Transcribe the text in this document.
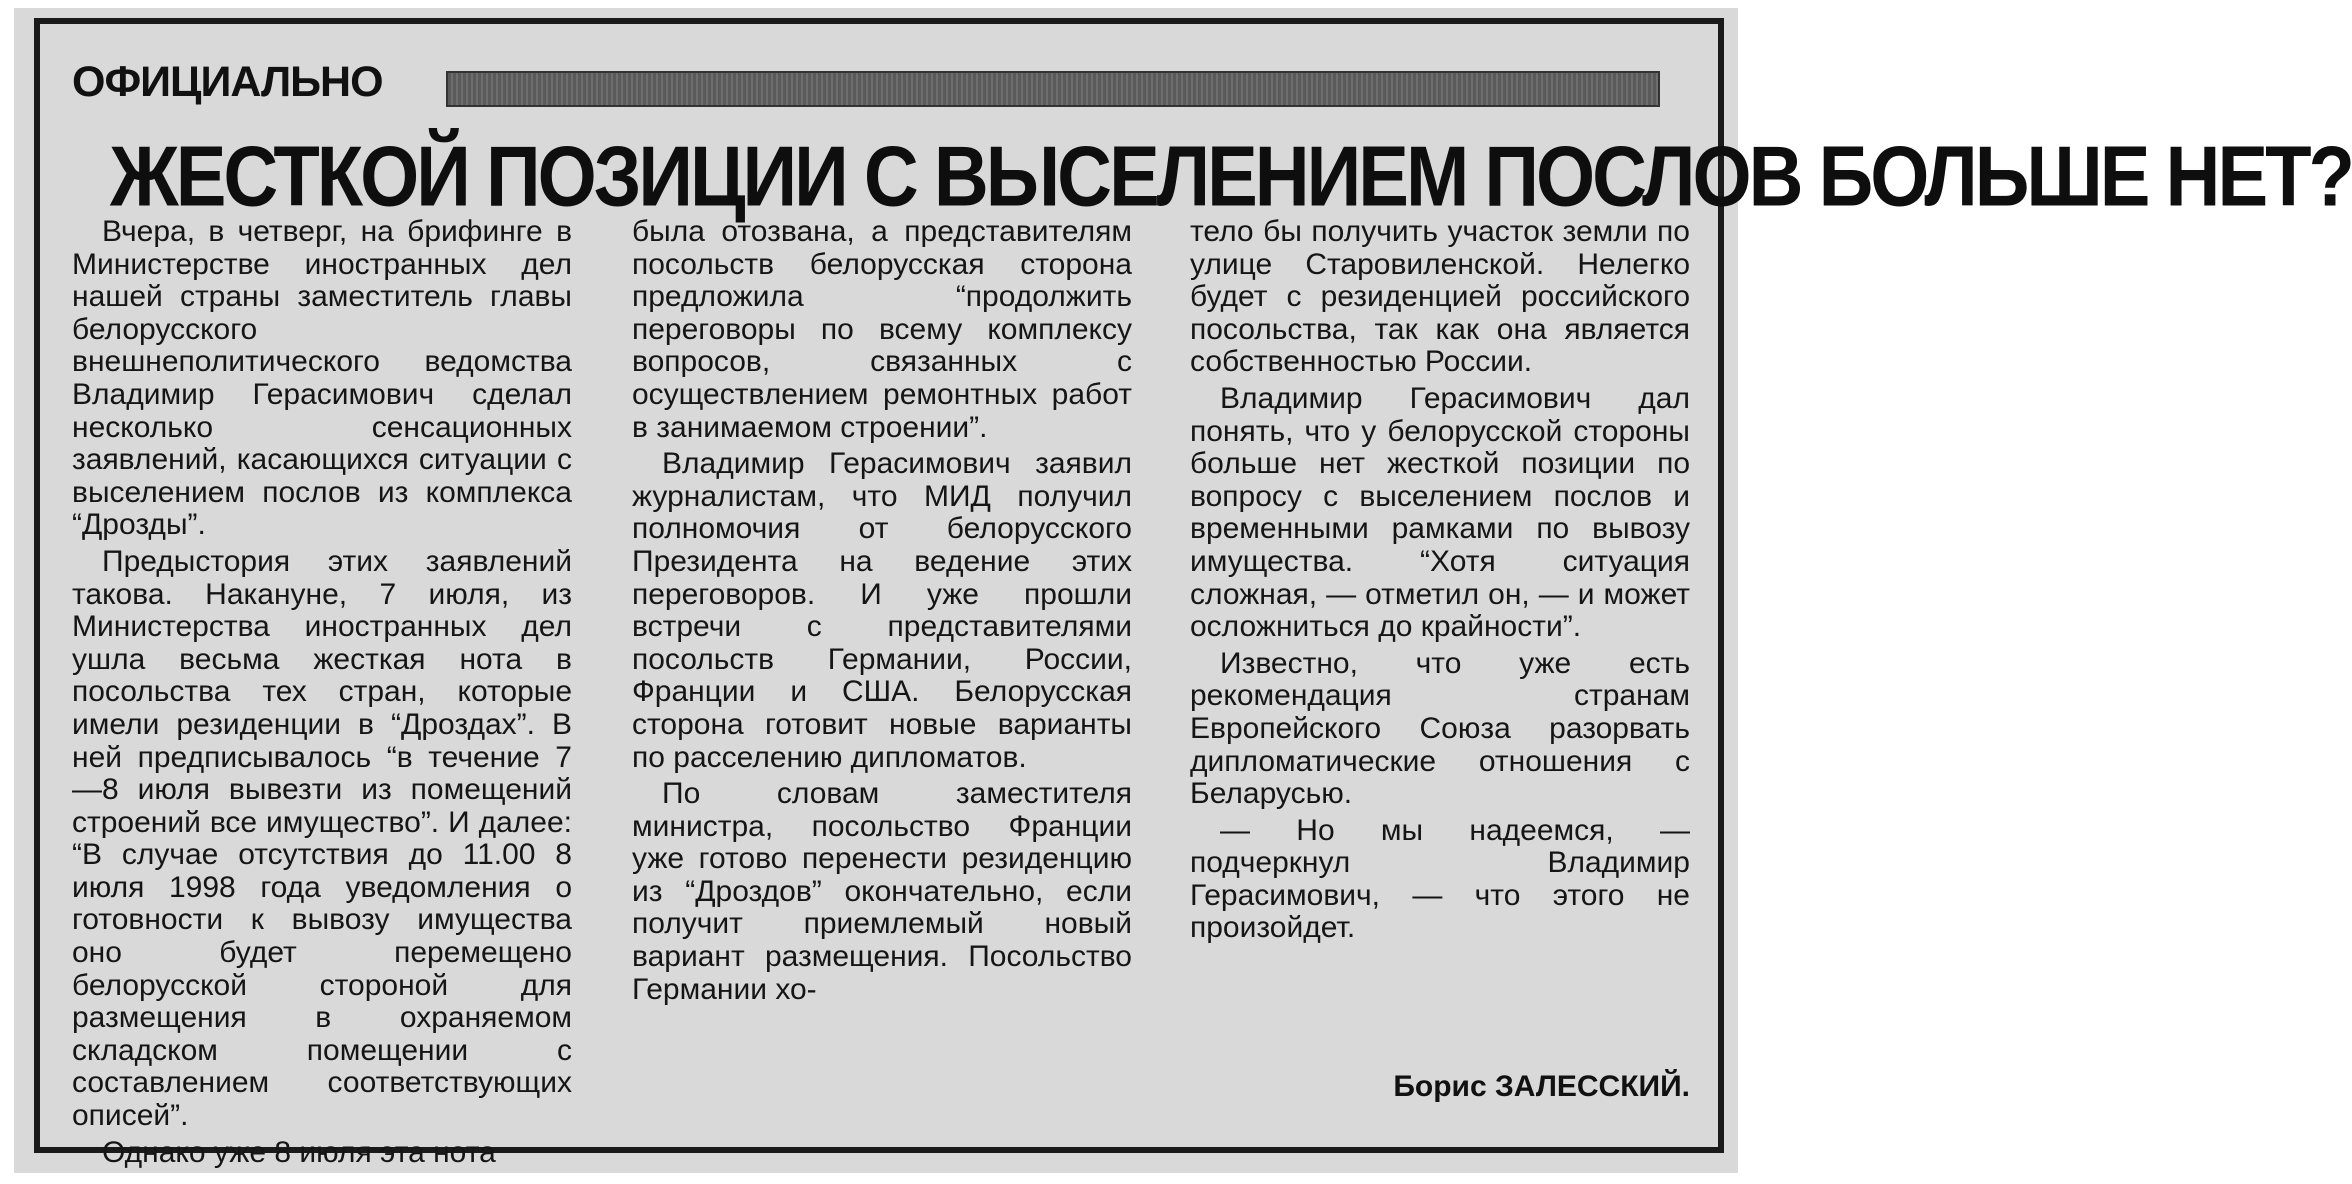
ОФИЦИАЛЬНО
ЖЕСТКОЙ ПОЗИЦИИ С ВЫСЕЛЕНИЕМ ПОСЛОВ БОЛЬШЕ НЕТ?

Вчера, в четверг, на брифинге в Министерстве иностранных дел нашей страны заместитель главы белорусского внешнеполитического ведомства Владимир Герасимович сделал несколько сенсационных заявлений, касающихся ситуации с выселением послов из комплекса “Дрозды”.

Предыстория этих заявлений такова. Накануне, 7 июля, из Министерства иностранных дел ушла весьма жесткая нота в посольства тех стран, которые имели резиденции в “Дроздах”. В ней предписывалось “в течение 7—8 июля вывезти из помещений строений все имущество”. И далее: “В случае отсутствия до 11.00 8 июля 1998 года уведомления о готовности к вывозу имущества оно будет перемещено белорусской стороной для размещения в охраняемом складском помещении с составлением соответствующих описей”.

Однако уже 8 июля эта нота

была отозвана, а представителям посольств белорусская сторона предложила “продолжить переговоры по всему комплексу вопросов, связанных с осуществлением ремонтных работ в занимаемом строении”.

Владимир Герасимович заявил журналистам, что МИД получил полномочия от белорусского Президента на ведение этих переговоров. И уже прошли встречи с представителями посольств Германии, России, Франции и США. Белорусская сторона готовит новые варианты по расселению дипломатов.

По словам заместителя министра, посольство Франции уже готово перенести резиденцию из “Дроздов” окончательно, если получит приемлемый новый вариант размещения. Посольство Германии хо-

тело бы получить участок земли по улице Старовиленской. Нелегко будет с резиденцией российского посольства, так как она является собственностью России.

Владимир Герасимович дал понять, что у белорусской стороны больше нет жесткой позиции по вопросу с выселением послов и временными рамками по вывозу имущества. “Хотя ситуация сложная, — отметил он, — и может осложниться до крайности”.

Известно, что уже есть рекомендация странам Европейского Союза разорвать дипломатические отношения с Беларусью.

— Но мы надеемся, — подчеркнул Владимир Герасимович, — что этого не произойдет.

Борис ЗАЛЕССКИЙ.
